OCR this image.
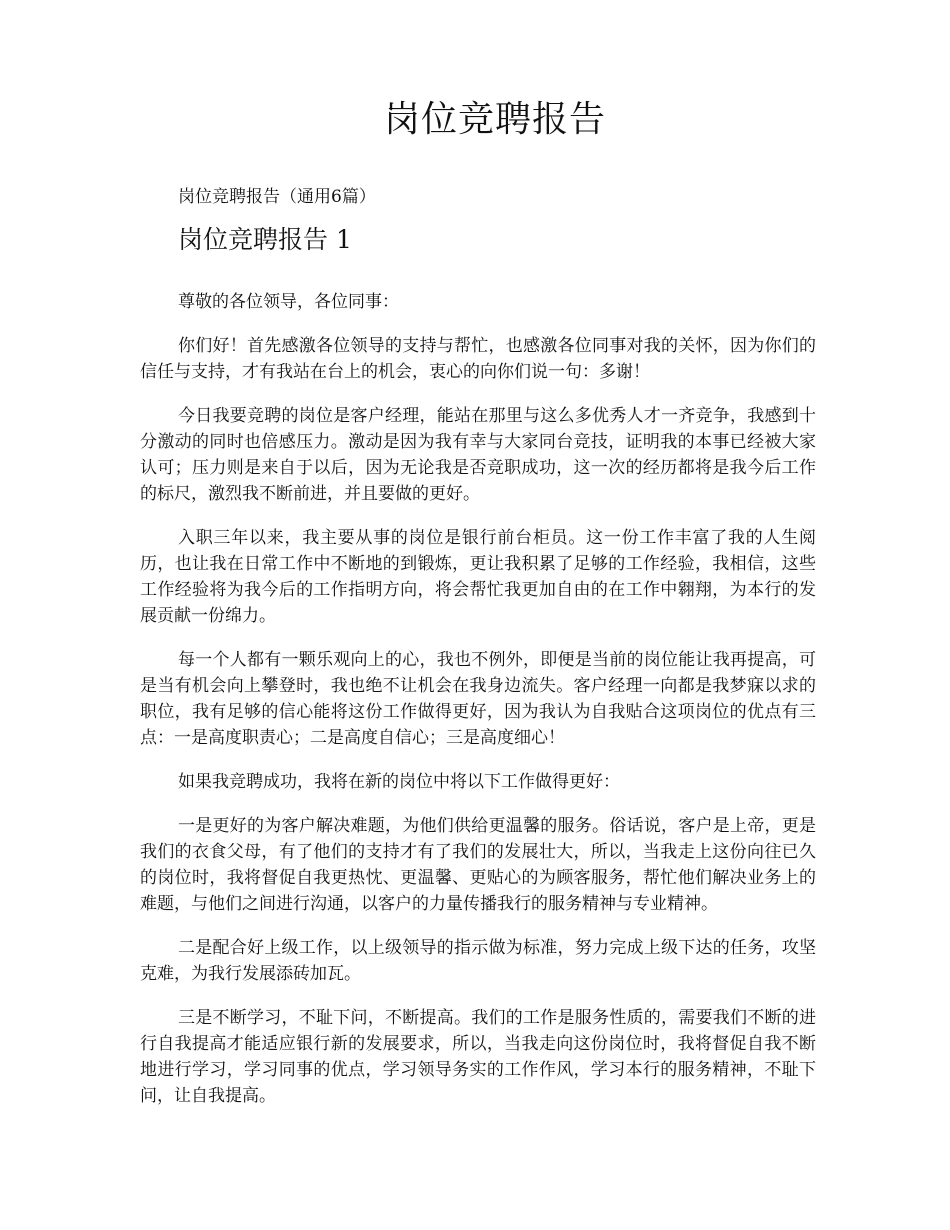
岗位竞聘报告

岗位竞聘报告（通用6篇）

岗位竞聘报告 1

尊敬的各位领导，各位同事：

你们好！首先感激各位领导的支持与帮忙，也感激各位同事对我的关怀，因为你们的信任与支持，才有我站在台上的机会，衷心的向你们说一句：多谢！

今日我要竞聘的岗位是客户经理，能站在那里与这么多优秀人才一齐竞争，我感到十分激动的同时也倍感压力。激动是因为我有幸与大家同台竞技，证明我的本事已经被大家认可；压力则是来自于以后，因为无论我是否竞职成功，这一次的经历都将是我今后工作的标尺，激烈我不断前进，并且要做的更好。

入职三年以来，我主要从事的岗位是银行前台柜员。这一份工作丰富了我的人生阅历，也让我在日常工作中不断地的到锻炼，更让我积累了足够的工作经验，我相信，这些工作经验将为我今后的工作指明方向，将会帮忙我更加自由的在工作中翱翔，为本行的发展贡献一份绵力。

每一个人都有一颗乐观向上的心，我也不例外，即便是当前的岗位能让我再提高，可是当有机会向上攀登时，我也绝不让机会在我身边流失。客户经理一向都是我梦寐以求的职位，我有足够的信心能将这份工作做得更好，因为我认为自我贴合这项岗位的优点有三点：一是高度职责心；二是高度自信心；三是高度细心！

如果我竞聘成功，我将在新的岗位中将以下工作做得更好：

一是更好的为客户解决难题，为他们供给更温馨的服务。俗话说，客户是上帝，更是我们的衣食父母，有了他们的支持才有了我们的发展壮大，所以，当我走上这份向往已久的岗位时，我将督促自我更热忱、更温馨、更贴心的为顾客服务，帮忙他们解决业务上的难题，与他们之间进行沟通，以客户的力量传播我行的服务精神与专业精神。

二是配合好上级工作，以上级领导的指示做为标准，努力完成上级下达的任务，攻坚克难，为我行发展添砖加瓦。

三是不断学习，不耻下问，不断提高。我们的工作是服务性质的，需要我们不断的进行自我提高才能适应银行新的发展要求，所以，当我走向这份岗位时，我将督促自我不断地进行学习，学习同事的优点，学习领导务实的工作作风，学习本行的服务精神，不耻下问，让自我提高。
